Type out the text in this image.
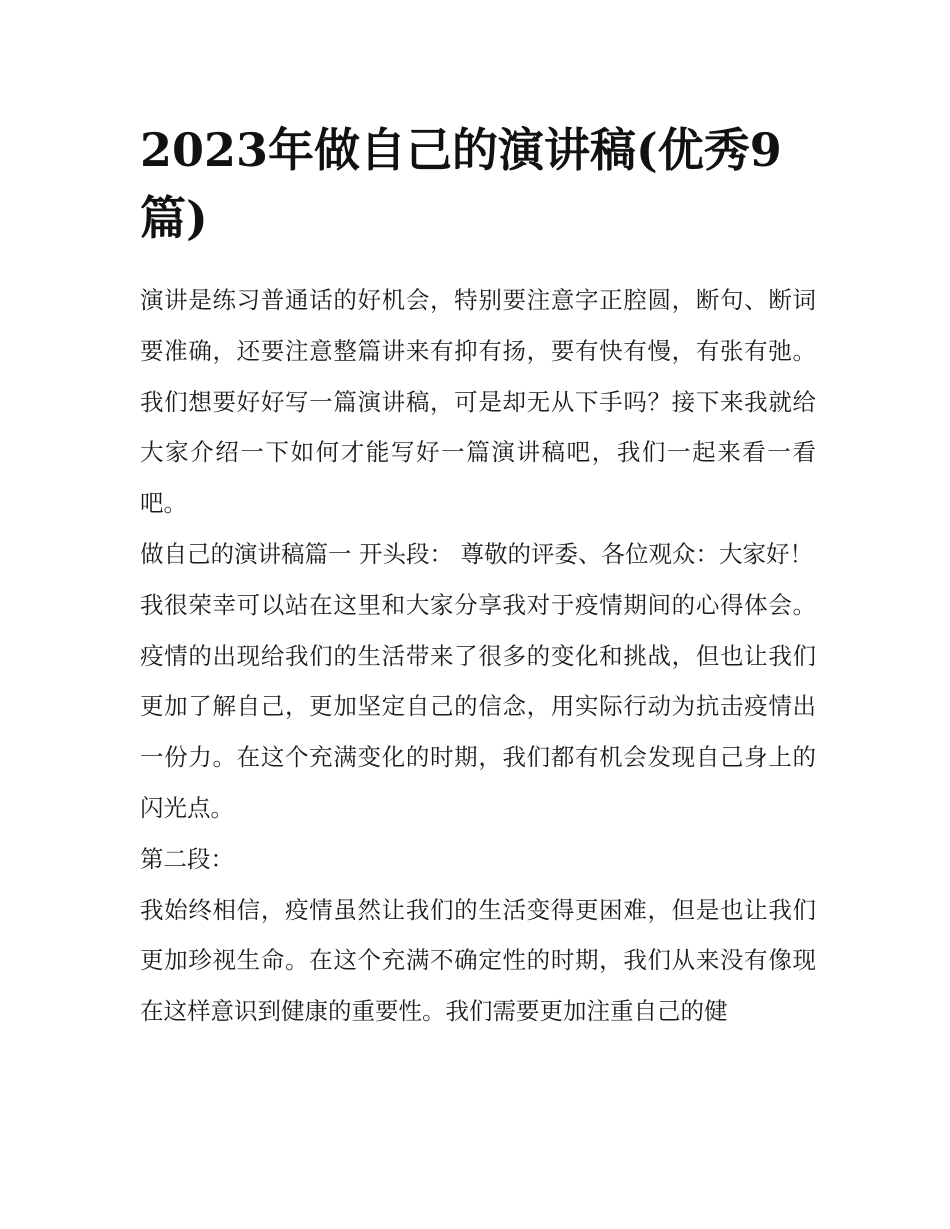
2023年做自己的演讲稿(优秀9篇)

演讲是练习普通话的好机会，特别要注意字正腔圆，断句、断词要准确，还要注意整篇讲来有抑有扬，要有快有慢，有张有弛。我们想要好好写一篇演讲稿，可是却无从下手吗？接下来我就给大家介绍一下如何才能写好一篇演讲稿吧，我们一起来看一看吧。

做自己的演讲稿篇一 开头段： 尊敬的评委、各位观众：大家好！

我很荣幸可以站在这里和大家分享我对于疫情期间的心得体会。疫情的出现给我们的生活带来了很多的变化和挑战，但也让我们更加了解自己，更加坚定自己的信念，用实际行动为抗击疫情出一份力。在这个充满变化的时期，我们都有机会发现自己身上的闪光点。

第二段：

我始终相信，疫情虽然让我们的生活变得更困难，但是也让我们更加珍视生命。在这个充满不确定性的时期，我们从来没有像现在这样意识到健康的重要性。我们需要更加注重自己的健
